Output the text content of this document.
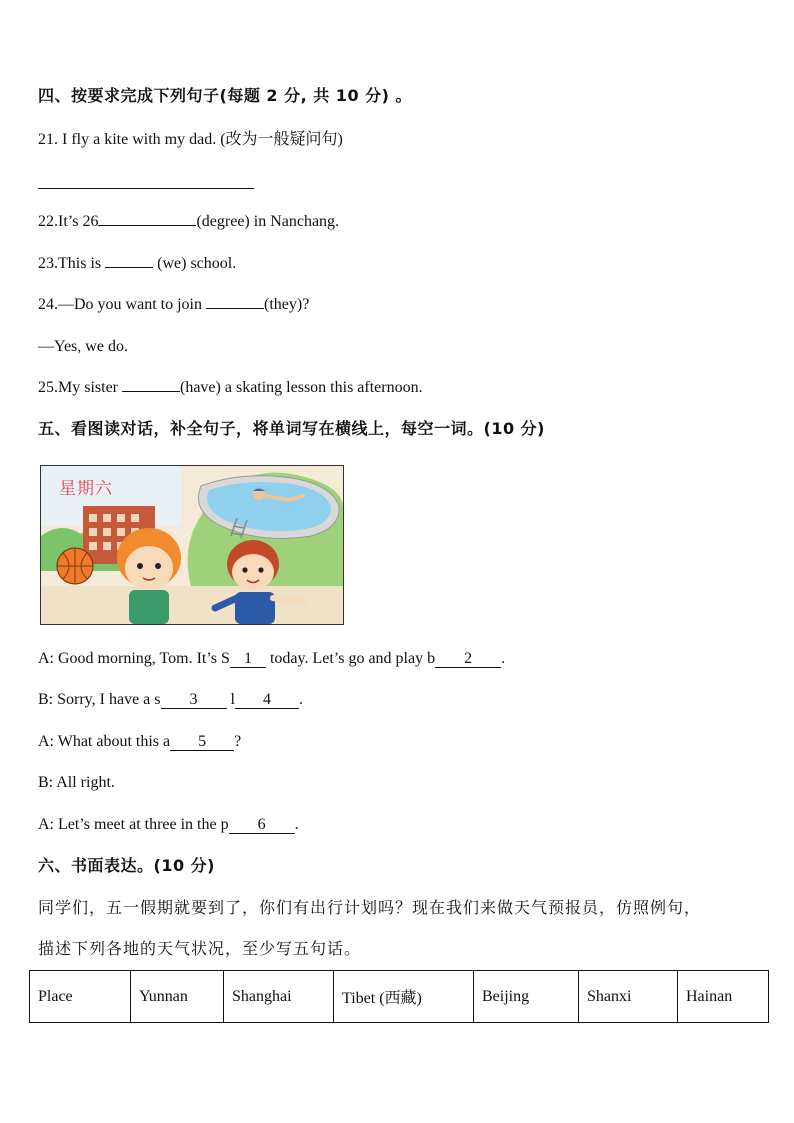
四、按要求完成下列句子(每题 2 分, 共 10 分) 。
21. I fly a kite with my dad. (改为一般疑问句)
22.It’s 26	(degree) in Nanchang.
23.This is	(we) school.
24.—Do you want to join	(they)?
—Yes, we do.
25.My sister	(have) a skating lesson this afternoon.
五、看图读对话，补全句子，将单词写在横线上，每空一词。(10 分)
星期六
A: Good morning, Tom. It’s S 1 today. Let’s go and play b 2 .
B: Sorry, I have a s 3 l 4 .
A: What about this a 5 ?
B: All right.
A: Let’s meet at three in the p 6 .
六、书面表达。(10 分)
同学们，五一假期就要到了，你们有出行计划吗？现在我们来做天气预报员，仿照例句，
描述下列各地的天气状况，至少写五句话。
Place	Yunnan	Shanghai	Tibet (西藏)	Beijing	Shanxi	Hainan
